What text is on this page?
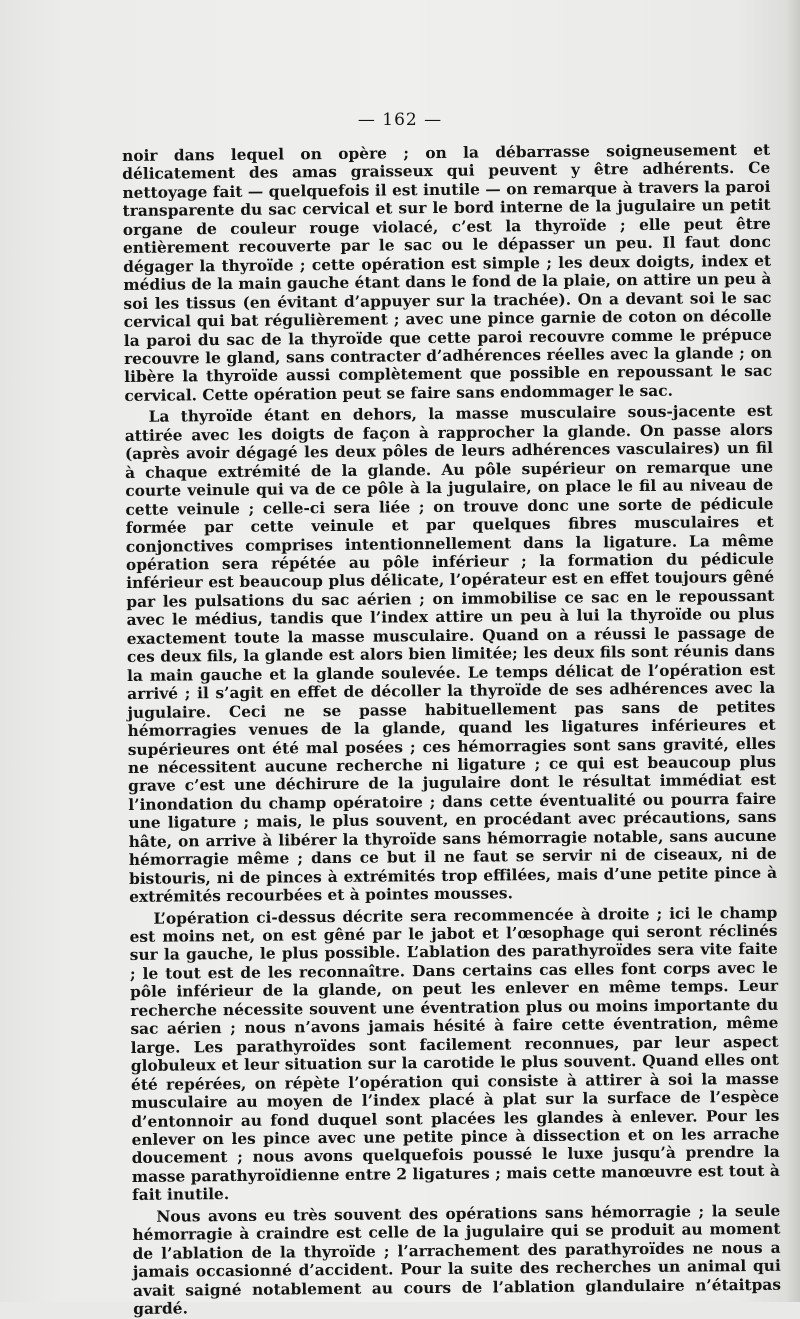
— 162 —

noir dans lequel on opère ; on la débarrasse soigneusement et délicatement des amas graisseux qui peuvent y être adhérents. Ce nettoyage fait — quelquefois il est inutile — on remarque à travers la paroi transparente du sac cervical et sur le bord interne de la jugulaire un petit organe de couleur rouge violacé, c’est la thyroïde ; elle peut être entièrement recouverte par le sac ou le dépasser un peu. Il faut donc dégager la thyroïde ; cette opération est simple ; les deux doigts, index et médius de la main gauche étant dans le fond de la plaie, on attire un peu à soi les tissus (en évitant d’appuyer sur la trachée). On a devant soi le sac cervical qui bat régulièrement ; avec une pince garnie de coton on décolle la paroi du sac de la thyroïde que cette paroi recouvre comme le prépuce recouvre le gland, sans contracter d’adhérences réelles avec la glande ; on libère la thyroïde aussi complètement que possible en repoussant le sac cervical. Cette opération peut se faire sans endommager le sac.

La thyroïde étant en dehors, la masse musculaire sous-jacente est attirée avec les doigts de façon à rapprocher la glande. On passe alors (après avoir dégagé les deux pôles de leurs adhérences vasculaires) un fil à chaque extrémité de la glande. Au pôle supérieur on remarque une courte veinule qui va de ce pôle à la jugulaire, on place le fil au niveau de cette veinule ; celle-ci sera liée ; on trouve donc une sorte de pédicule formée par cette veinule et par quelques fibres musculaires et conjonctives comprises intentionnellement dans la ligature. La même opération sera répétée au pôle inférieur ; la formation du pédicule inférieur est beaucoup plus délicate, l’opérateur est en effet toujours gêné par les pulsations du sac aérien ; on immobilise ce sac en le repoussant avec le médius, tandis que l’index attire un peu à lui la thyroïde ou plus exactement toute la masse musculaire. Quand on a réussi le passage de ces deux fils, la glande est alors bien limitée; les deux fils sont réunis dans la main gauche et la glande soulevée. Le temps délicat de l’opération est arrivé ; il s’agit en effet de décoller la thyroïde de ses adhérences avec la jugulaire. Ceci ne se passe habituellement pas sans de petites hémorragies venues de la glande, quand les ligatures inférieures et supérieures ont été mal posées ; ces hémorragies sont sans gravité, elles ne nécessitent aucune recherche ni ligature ; ce qui est beaucoup plus grave c’est une déchirure de la jugulaire dont le résultat immédiat est l’inondation du champ opératoire ; dans cette éventualité ou pourra faire une ligature ; mais, le plus souvent, en procédant avec précautions, sans hâte, on arrive à libérer la thyroïde sans hémorragie notable, sans aucune hémorragie même ; dans ce but il ne faut se servir ni de ciseaux, ni de bistouris, ni de pinces à extrémités trop effilées, mais d’une petite pince à extrémités recourbées et à pointes mousses.

L’opération ci-dessus décrite sera recommencée à droite ; ici le champ est moins net, on est gêné par le jabot et l’œsophage qui seront réclinés sur la gauche, le plus possible. L’ablation des parathyroïdes sera vite faite ; le tout est de les reconnaître. Dans certains cas elles font corps avec le pôle inférieur de la glande, on peut les enlever en même temps. Leur recherche nécessite souvent une éventration plus ou moins importante du sac aérien ; nous n’avons jamais hésité à faire cette éventration, même large. Les parathyroïdes sont facilement reconnues, par leur aspect globuleux et leur situation sur la carotide le plus souvent. Quand elles ont été repérées, on répète l’opération qui consiste à attirer à soi la masse musculaire au moyen de l’index placé à plat sur la surface de l’espèce d’entonnoir au fond duquel sont placées les glandes à enlever. Pour les enlever on les pince avec une petite pince à dissection et on les arrache doucement ; nous avons quelquefois poussé le luxe jusqu’à prendre la masse parathyroïdienne entre 2 ligatures ; mais cette manœuvre est tout à fait inutile.

Nous avons eu très souvent des opérations sans hémorragie ; la seule hémorragie à craindre est celle de la jugulaire qui se produit au moment de l’ablation de la thyroïde ; l’arrachement des parathyroïdes ne nous a jamais occasionné d’accident. Pour la suite des recherches un animal qui avait saigné notablement au cours de l’ablation glandulaire n’étaitpas gardé.
